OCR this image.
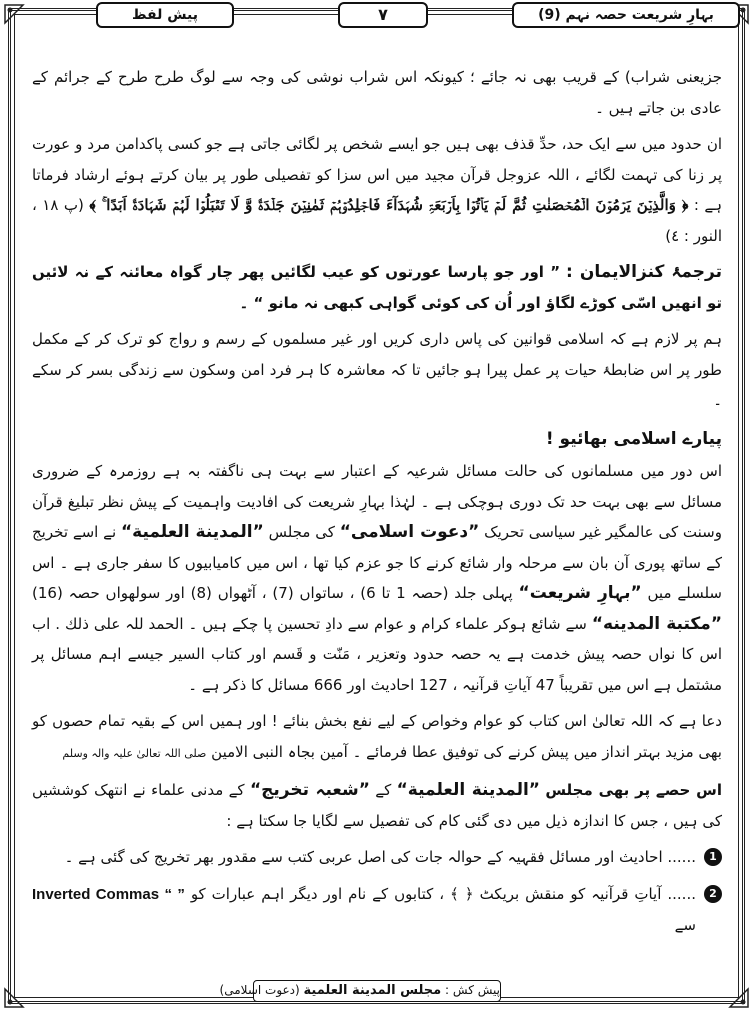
بہارِ شریعت حصہ نہم (9)
۷
پیش لفظ

جزیعنی شراب) کے قریب بھی نہ جائے ؛ کیونکہ اس شراب نوشی کی وجہ سے لوگ طرح طرح کے جرائم کے عادی بن جاتے ہیں ۔

ان حدود میں سے ایک حد، حدِّ قذف بھی ہیں جو ایسے شخص پر لگائی جاتی ہے جو کسی پاکدامن مرد و عورت پر زنا کی تہمت لگائے ، اللہ عزوجل قرآن مجید میں اس سزا کو تفصیلی طور پر بیان کرتے ہوئے ارشاد فرماتا ہے : ﴿ وَالَّذِیۡنَ یَرۡمُوۡنَ الۡمُحۡصَنٰتِ ثُمَّ لَمۡ یَاۡتُوۡا بِاَرۡبَعَۃِ شُہَدَآءَ فَاجۡلِدُوۡہُمۡ ثَمٰنِیۡنَ جَلۡدَۃً وَّ لَا تَقۡبَلُوۡا لَہُمۡ شَہَادَۃً اَبَدًا ۚ ﴾ (پ ۱۸ ، النور : ٤)

ترجمۂ کنزالایمان : ” اور جو پارسا عورتوں کو عیب لگائیں پھر چار گواہ معائنہ کے نہ لائیں تو انھیں اسّی کوڑے لگاؤ اور اُن کی کوئی گواہی کبھی نہ مانو “ ۔

ہم پر لازم ہے کہ اسلامی قوانین کی پاس داری کریں اور غیر مسلموں کے رسم و رواج کو ترک کر کے مکمل طور پر اس ضابطۂ حیات پر عمل پیرا ہو جائیں تا کہ معاشرہ کا ہر فرد امن وسکون سے زندگی بسر کر سکے ۔

پیارے اسلامی بھائیو !

اس دور میں مسلمانوں کی حالت مسائل شرعیہ کے اعتبار سے بہت ہی ناگفتہ بہ ہے روزمرہ کے ضروری مسائل سے بھی بہت حد تک دوری ہوچکی ہے ۔ لہٰذا بہارِ شریعت کی افادیت واہمیت کے پیش نظر تبلیغ قرآن وسنت کی عالمگیر غیر سیاسی تحریک ”دعوت اسلامی“ کی مجلس ”المدینة العلمیة“ نے اسے تخریج کے ساتھ پوری آن بان سے مرحلہ وار شائع کرنے کا جو عزم کیا تھا ، اس میں کامیابیوں کا سفر جاری ہے ۔ اس سلسلے میں ”بہارِ شریعت“ پہلی جلد (حصہ 1 تا 6) ، ساتواں (7) ، آٹھواں (8) اور سولھواں حصہ (16) ”مکتبة المدینه“ سے شائع ہوکر علماء کرام و عوام سے دادِ تحسین پا چکے ہیں ۔ الحمد للہ علی ذلك . اب اس کا نواں حصہ پیش خدمت ہے یہ حصہ حدود وتعزیر ، مَنّت و قَسم اور کتاب السیر جیسے اہم مسائل پر مشتمل ہے اس میں تقریباً 47 آیاتِ قرآنیہ ، 127 احادیث اور 666 مسائل کا ذکر ہے ۔

دعا ہے کہ اللہ تعالیٰ اس کتاب کو عوام وخواص کے لیے نفع بخش بنائے ! اور ہمیں اس کے بقیہ تمام حصوں کو بھی مزید بہتر انداز میں پیش کرنے کی توفیق عطا فرمائے ۔ آمین بجاہ النبی الامین صلی اللہ تعالیٰ علیہ والہ وسلم

اس حصے پر بھی مجلس ”المدینة العلمیة“ کے ”شعبہ تخریج“ کے مدنی علماء نے انتھک کوششیں کی ہیں ، جس کا اندازہ ذیل میں دی گئی کام کی تفصیل سے لگایا جا سکتا ہے :

1
...... احادیث اور مسائل فقہیہ کے حوالہ جات کی اصل عربی کتب سے مقدور بھر تخریج کی گئی ہے ۔

2
...... آیاتِ قرآنیہ کو منقش بریکٹ ﴿ ﴾ ، کتابوں کے نام اور دیگر اہم عبارات کو Inverted Commas “ ” سے

پیش کش : مجلس المدینة العلمیة (دعوت اسلامی)
